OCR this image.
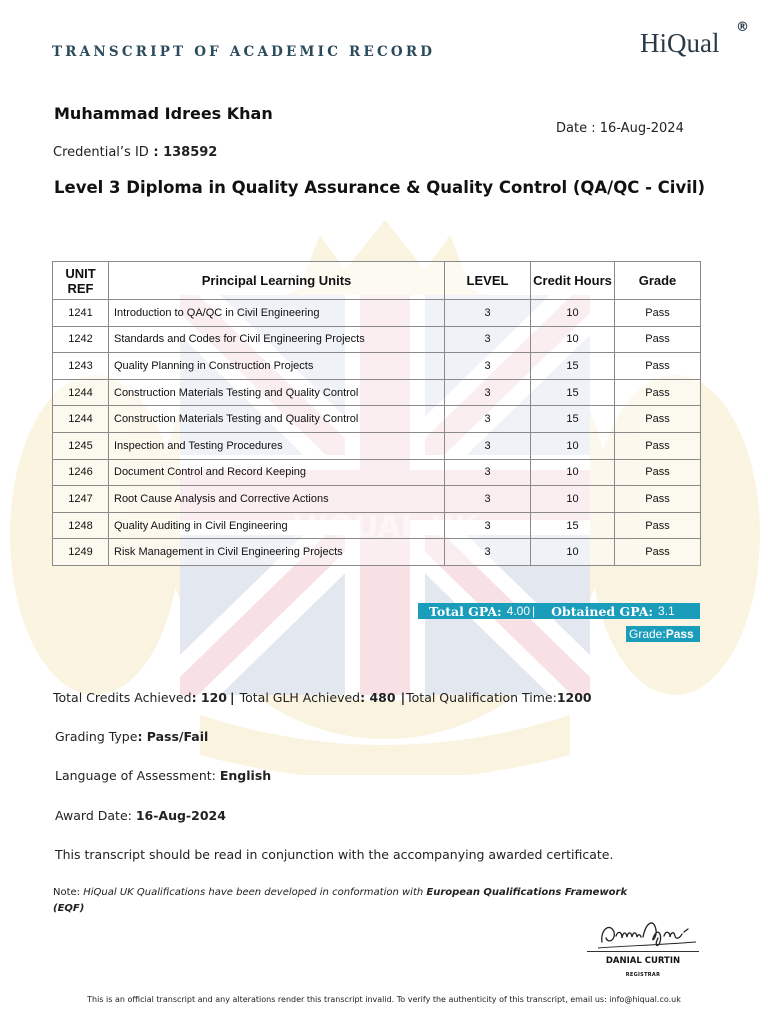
HIQUAL UK
TRANSCRIPT OF ACADEMIC RECORD	HiQual
®
Muhammad Idrees Khan
Date : 16-Aug-2024
Credential’s ID : 138592
Level 3 Diploma in Quality Assurance & Quality Control (QA/QC - Civil)
UNIT REF	Principal Learning Units	LEVEL	Credit Hours	Grade
1241	Introduction to QA/QC in Civil Engineering	3	10	Pass
1242	Standards and Codes for Civil Engineering Projects	3	10	Pass
1243	Quality Planning in Construction Projects	3	15	Pass
1244	Construction Materials Testing and Quality Control	3	15	Pass
1244	Construction Materials Testing and Quality Control	3	15	Pass
1245	Inspection and Testing Procedures	3	10	Pass
1246	Document Control and Record Keeping	3	10	Pass
1247	Root Cause Analysis and Corrective Actions	3	10	Pass
1248	Quality Auditing in Civil Engineering	3	15	Pass
1249	Risk Management in Civil Engineering Projects	3	10	Pass
Total GPA: 4.00 | Obtained GPA: 3.1
Grade: Pass
Total Credits Achieved: 120 | Total GLH Achieved: 480 |Total Qualification Time:1200
Grading Type: Pass/Fail
Language of Assessment: English
Award Date: 16-Aug-2024
This transcript should be read in conjunction with the accompanying awarded certificate.
Note: HiQual UK Qualifications have been developed in conformation with European Qualifications Framework (EQF)
DANIAL CURTIN
REGISTRAR
This is an official transcript and any alterations render this transcript invalid. To verify the authenticity of this transcript, email us: info@hiqual.co.uk
